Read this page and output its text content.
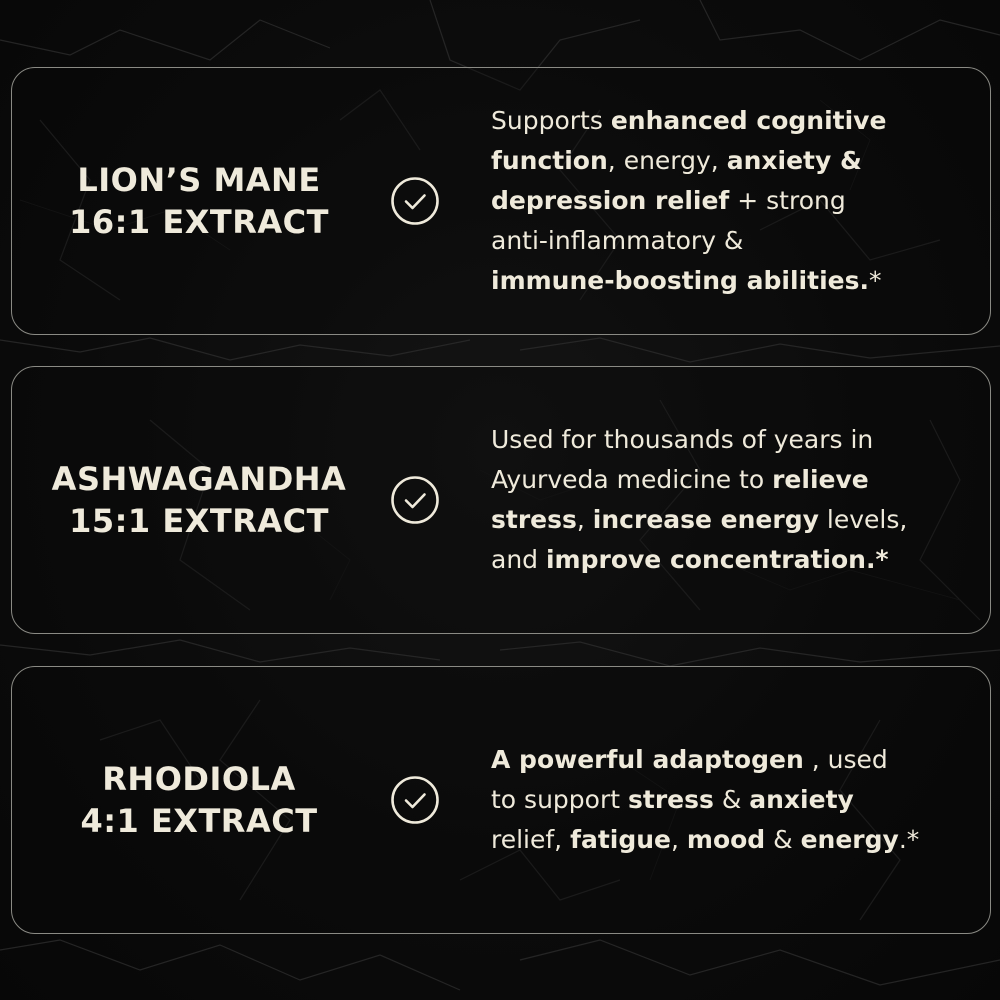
LION’S MANE
16:1 EXTRACT
Supports enhanced cognitive
function, energy, anxiety &
depression relief + strong
anti-inflammatory &
immune-boosting abilities.*
ASHWAGANDHA
15:1 EXTRACT
Used for thousands of years in
Ayurveda medicine to relieve
stress, increase energy levels,
and improve concentration.*
RHODIOLA
4:1 EXTRACT
A powerful adaptogen , used
to support stress & anxiety
relief, fatigue, mood & energy.*
